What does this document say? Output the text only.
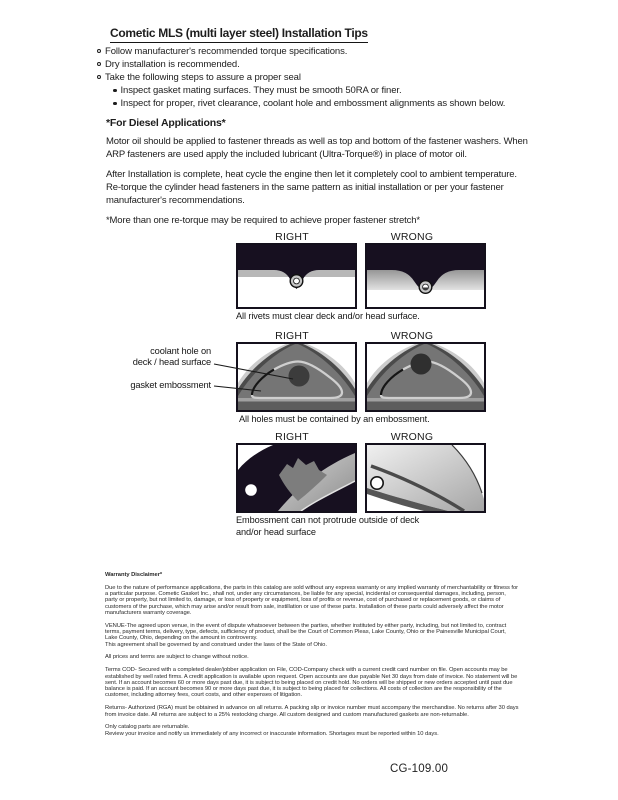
Cometic MLS (multi layer steel) Installation Tips
Follow manufacturer's recommended torque specifications.
Dry installation is recommended.
Take the following steps to assure a proper seal
Inspect gasket mating surfaces. They must be smooth 50RA or finer.
Inspect for proper, rivet clearance, coolant hole and embossment alignments as shown below.
*For Diesel Applications*
Motor oil should be applied to fastener threads as well as top and bottom of the fastener washers. When ARP fasteners are used apply the included lubricant (Ultra-Torque®) in place of motor oil.
After Installation is complete, heat cycle the engine then let it completely cool to ambient temperature. Re-torque the cylinder head fasteners in the same pattern as initial installation or per your fastener manufacturer's recommendations.
*More than one re-torque may be required to achieve proper fastener stretch*
RIGHT	WRONG
All rivets must clear deck and/or head surface.
RIGHT	WRONG
coolant hole on
deck / head surface
gasket embossment
All holes must be contained by an embossment.
RIGHT	WRONG
Embossment can not protrude outside of deck
and/or head surface
Warranty Disclaimer*

Due to the nature of performance applications, the parts in this catalog are sold without any express warranty or any implied warranty of merchantability or fitness for a particular purpose. Cometic Gasket Inc., shall not, under any circumstances, be liable for any special, incidental or consequential damages, including, person, party or property, but not limited to, damage, or loss of property or equipment, loss of profits or revenue, cost of purchased or replacement goods, or claims of customers of the purchase, which may arise and/or result from sale, instillation or use of these parts. Installation of these parts could adversely affect the motor manufacturers warranty coverage.

VENUE-The agreed upon venue, in the event of dispute whatsoever between the parties, whether instituted by either party, including, but not limited to, contract terms, payment terms, delivery, type, defects, sufficiency of product, shall be the Court of Common Pleas, Lake County, Ohio or the Painesville Municipal Court, Lake County, Ohio, depending on the amount in controversy.
This agreement shall be governed by and construed under the laws of the State of Ohio.

All prices and terms are subject to change without notice.

Terms COD- Secured with a completed dealer/jobber application on File, COD-Company check with a current credit card number on file. Open accounts may be established by well rated firms. A credit application is available upon request. Open accounts are due payable Net 30 days from date of invoice. No statement will be sent. If an account becomes 60 or more days past due, it is subject to being placed on credit hold. No orders will be shipped or new orders accepted until past due balance is paid. If an account becomes 90 or more days past due, it is subject to being placed for collections. All costs of collection are the responsibility of the customer, including attorney fees, court costs, and other expenses of litigation.

Returns- Authorized (RGA) must be obtained in advance on all returns. A packing slip or invoice number must accompany the merchandise. No returns after 30 days from invoice date. All returns are subject to a 25% restocking charge. All custom designed and custom manufactured gaskets are non-returnable.

Only catalog parts are returnable.
Review your invoice and notify us immediately of any incorrect or inaccurate information. Shortages must be reported within 10 days.

CG-109.00
